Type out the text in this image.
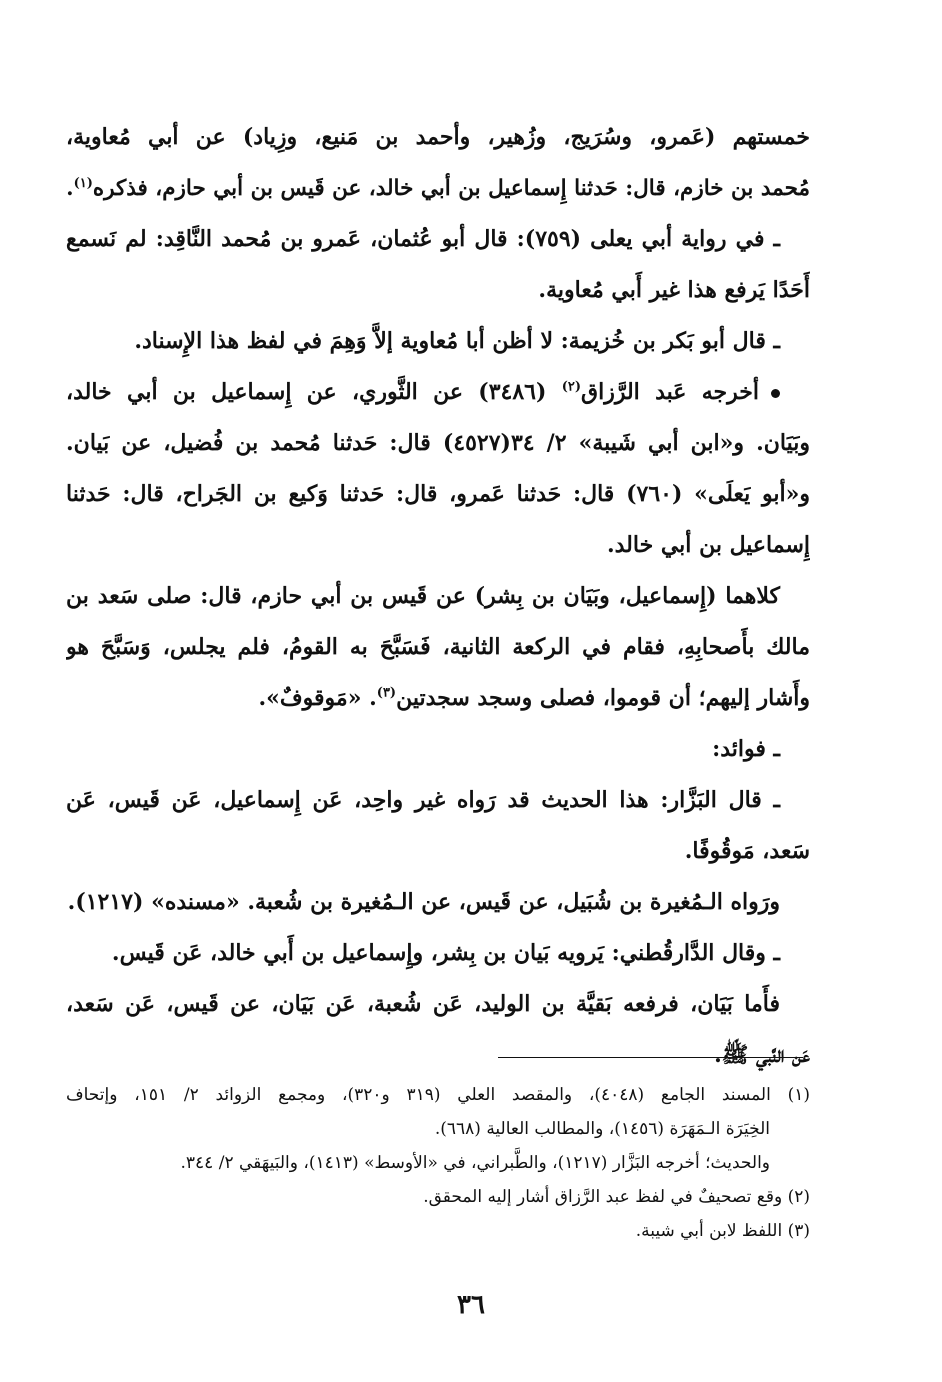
خمستهم (عَمرو، وسُرَيج، وزُهير، وأحمد بن مَنيع، وزِياد) عن أبي مُعاوية،
مُحمد بن خازم، قال: حَدثنا إِسماعيل بن أبي خالد، عن قَيس بن أبي حازم، فذكره$^{(١)}$.
ـ في رواية أبي يعلى (٧٥٩): قال أبو عُثمان، عَمرو بن مُحمد النَّاقِد: لم نَسمع
أَحَدًا يَرفع هذا غير أَبي مُعاوية.
ـ قال أبو بَكر بن خُزيمة: لا أظن أبا مُعاوية إلاَّ وَهِمَ في لفظ هذا الإِسناد.
أخرجه عَبد الرَّزاق$^{(٢)}$ (٣٤٨٦) عن الثَّوري، عن إِسماعيل بن أبي خالد،
وبَيَان. و«ابن أبي شَيبة» ٢/ ٣٤(٤٥٢٧) قال: حَدثنا مُحمد بن فُضيل، عن بَيان.
و«أبو يَعلَى» (٧٦٠) قال: حَدثنا عَمرو، قال: حَدثنا وَكيع بن الجَراح، قال: حَدثنا
إِسماعيل بن أبي خالد.
كلاهما (إِسماعيل، وبَيَان بن بِشر) عن قَيس بن أبي حازم، قال: صلى سَعد بن
مالك بأَصحابِهِ، فقام في الركعة الثانية، فَسَبَّحَ به القومُ، فلم يجلس، وَسَبَّحَ هو
وأَشار إليهم؛ أن قوموا، فصلى وسجد سجدتين$^{(٣)}$. «مَوقوفٌ».
ـ فوائد:
ـ قال البَزَّار: هذا الحديث قد رَواه غير واحِد، عَن إِسماعيل، عَن قَيس، عَن
سَعد، مَوقُوفًا.
ورَواه الـمُغيرة بن شُبَيل، عن قَيس، عن الـمُغيرة بن شُعبة. «مسنده» (١٢١٧).
ـ وقال الدَّارقُطني: يَرويه بَيان بن بِشر، وإِسماعيل بن أَبي خالد، عَن قَيس.
فأَما بَيَان، فرفعه بَقيَّة بن الوليد، عَن شُعبة، عَن بَيَان، عن قَيس، عَن سَعد،
عَن النَّبي ﷺ.
(١) المسند الجامع (٤٠٤٨)، والمقصد العلي (٣١٩ و٣٢٠)، ومجمع الزوائد ٢/ ١٥١، وإتحاف
الخِيَرَة الـمَهَرَة (١٤٥٦)، والمطالب العالية (٦٦٨).
والحديث؛ أخرجه البَزَّار (١٢١٧)، والطَّبراني، في «الأوسط» (١٤١٣)، والبَيهَقي ٢/ ٣٤٤.
(٢) وقع تصحيفٌ في لفظ عبد الرَّزاق أشار إليه المحقق.
(٣) اللفظ لابن أبي شيبة.
٣٦
